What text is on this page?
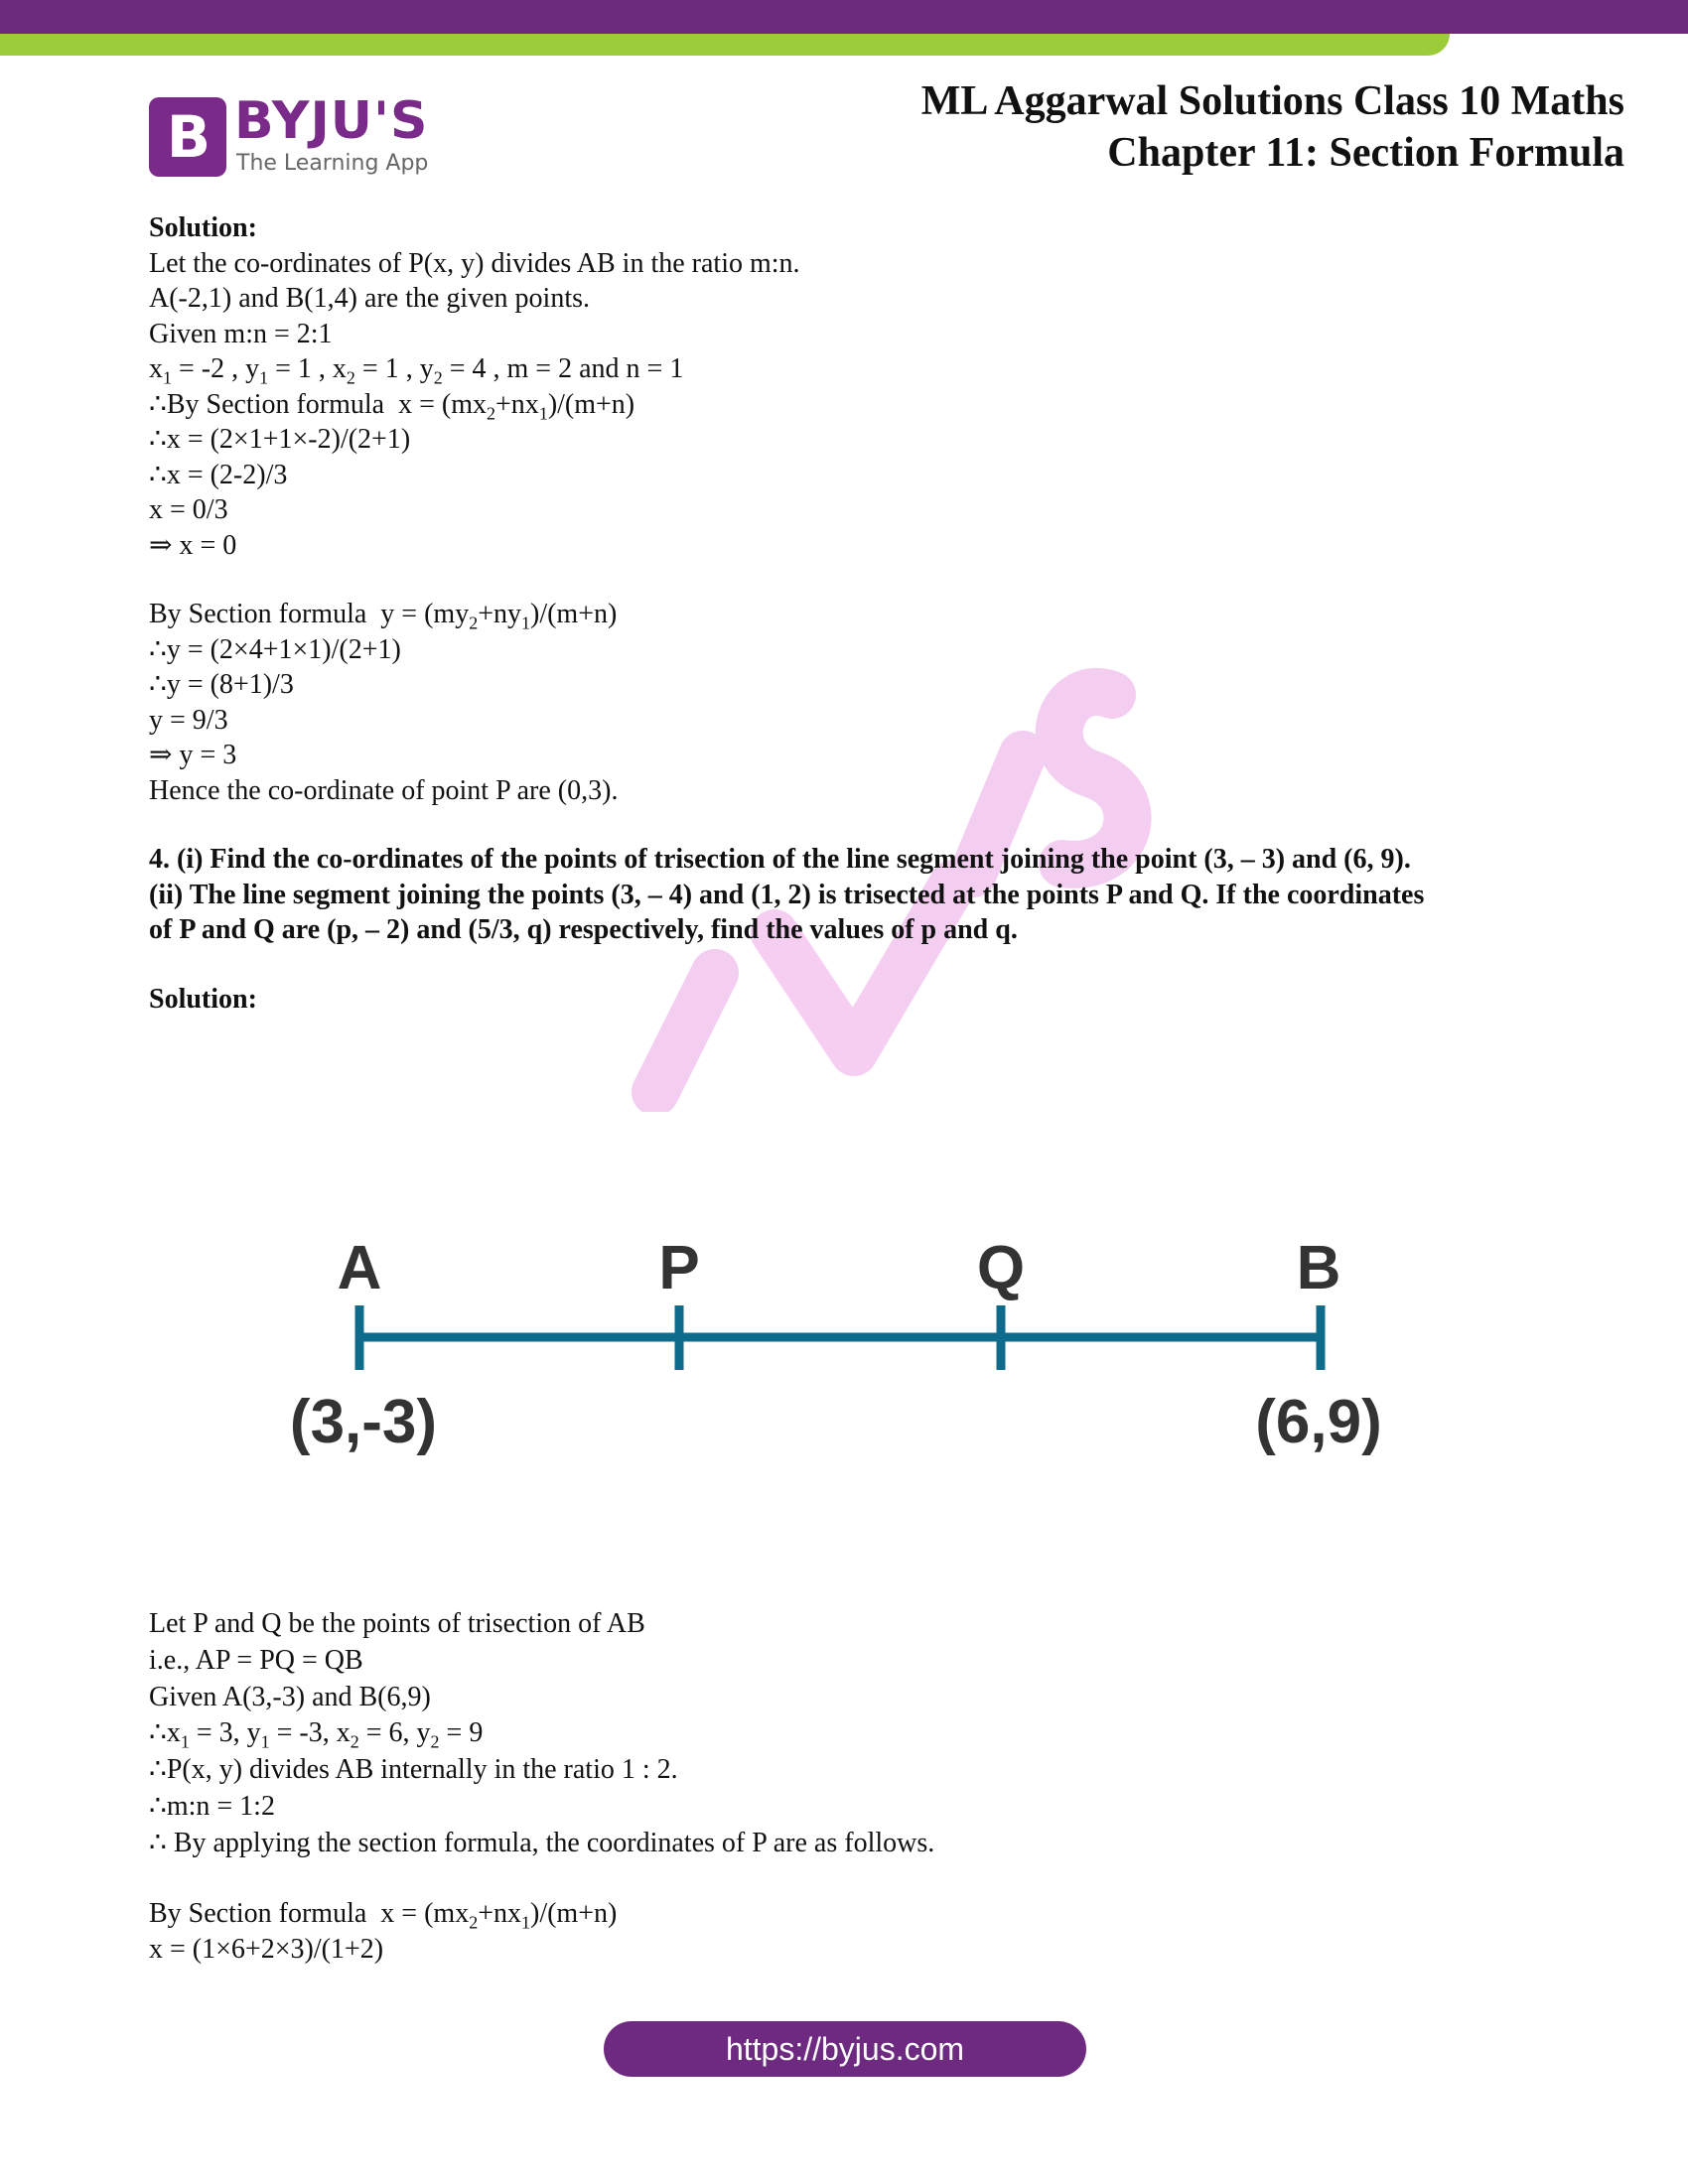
B BYJU'S
The Learning App
ML Aggarwal Solutions Class 10 Maths
Chapter 11: Section Formula
Solution:
Let the co-ordinates of P(x, y) divides AB in the ratio m:n.
A(-2,1) and B(1,4) are the given points.
Given m:n = 2:1
$x_1 = -2$ , $y_1 = 1$ , $x_2 = 1$ , $y_2 = 4$ , m = 2 and n = 1
∴By Section formula  $x = (mx_2+nx_1)/(m+n)$
∴x = (2×1+1×-2)/(2+1)
∴x = (2-2)/3
x = 0/3
⇒ x = 0
By Section formula  $y = (my_2+ny_1)/(m+n)$
∴y = (2×4+1×1)/(2+1)
∴y = (8+1)/3
y = 9/3
⇒ y = 3
Hence the co-ordinate of point P are (0,3).
4. (i) Find the co-ordinates of the points of trisection of the line segment joining the point (3, – 3) and (6, 9).
(ii) The line segment joining the points (3, – 4) and (1, 2) is trisected at the points P and Q. If the coordinates of P and Q are (p, – 2) and (5/3, q) respectively, find the values of p and q.
Solution:
A	P	Q	B
(3,-3)	(6,9)
Let P and Q be the points of trisection of AB
i.e., AP = PQ = QB
Given A(3,-3) and B(6,9)
$\therefore x_1 = 3$, $y_1 = -3$, $x_2 = 6$, $y_2 = 9$
∴P(x, y) divides AB internally in the ratio 1 : 2.
∴m:n = 1:2
∴ By applying the section formula, the coordinates of P are as follows.
By Section formula  $x = (mx_2+nx_1)/(m+n)$
x = (1×6+2×3)/(1+2)
https://byjus.com
